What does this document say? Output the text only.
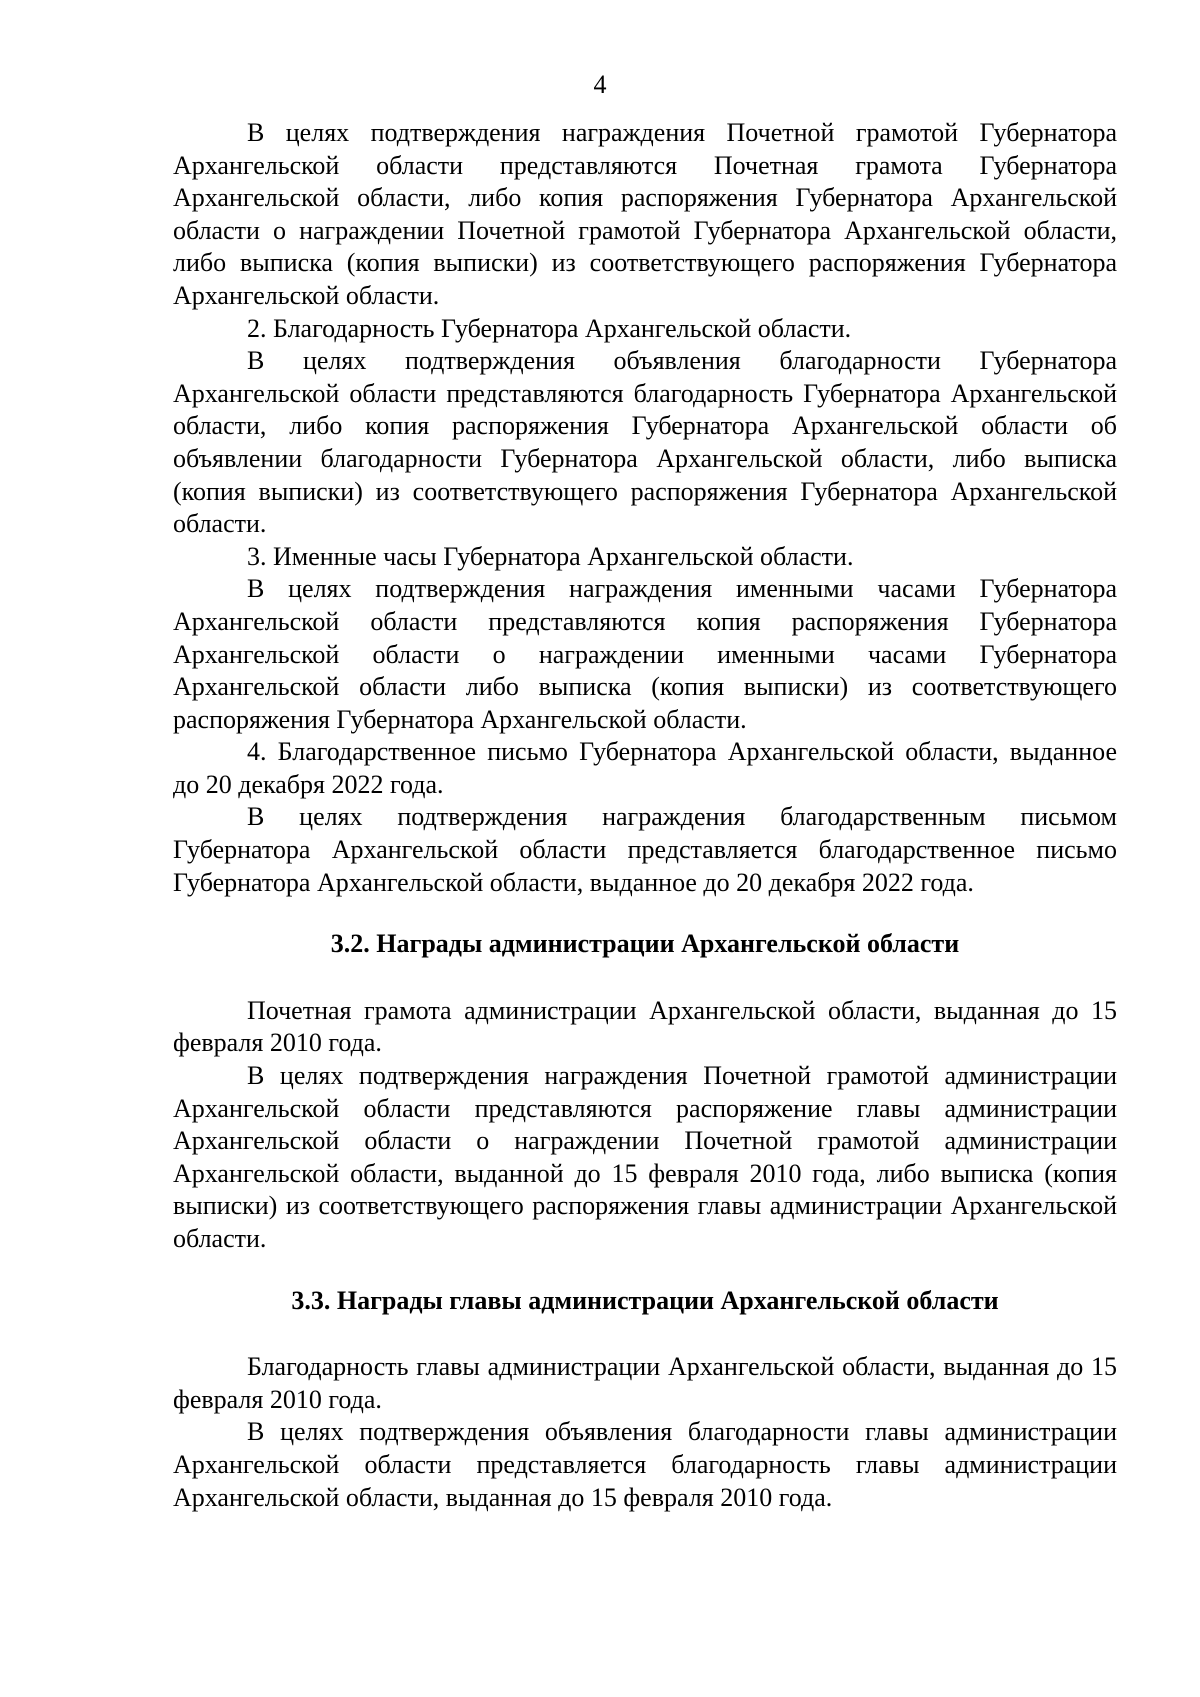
4

В целях подтверждения награждения Почетной грамотой Губернатора Архангельской области представляются Почетная грамота Губернатора Архангельской области, либо копия распоряжения Губернатора Архангельской области о награждении Почетной грамотой Губернатора Архангельской области, либо выписка (копия выписки) из соответствующего распоряжения Губернатора Архангельской области.

2. Благодарность Губернатора Архангельской области.

В целях подтверждения объявления благодарности Губернатора Архангельской области представляются благодарность Губернатора Архангельской области, либо копия распоряжения Губернатора Архангельской области об объявлении благодарности Губернатора Архангельской области, либо выписка (копия выписки) из соответствующего распоряжения Губернатора Архангельской области.

3. Именные часы Губернатора Архангельской области.

В целях подтверждения награждения именными часами Губернатора Архангельской области представляются копия распоряжения Губернатора Архангельской области о награждении именными часами Губернатора Архангельской области либо выписка (копия выписки) из соответствующего распоряжения Губернатора Архангельской области.

4. Благодарственное письмо Губернатора Архангельской области, выданное до 20 декабря 2022 года.

В целях подтверждения награждения благодарственным письмом Губернатора Архангельской области представляется благодарственное письмо Губернатора Архангельской области, выданное до 20 декабря 2022 года.

3.2. Награды администрации Архангельской области

Почетная грамота администрации Архангельской области, выданная до 15 февраля 2010 года.

В целях подтверждения награждения Почетной грамотой администрации Архангельской области представляются распоряжение главы администрации Архангельской области о награждении Почетной грамотой администрации Архангельской области, выданной до 15 февраля 2010 года, либо выписка (копия выписки) из соответствующего распоряжения главы администрации Архангельской области.

3.3. Награды главы администрации Архангельской области

Благодарность главы администрации Архангельской области, выданная до 15 февраля 2010 года.

В целях подтверждения объявления благодарности главы администрации Архангельской области представляется благодарность главы администрации Архангельской области, выданная до 15 февраля 2010 года.
